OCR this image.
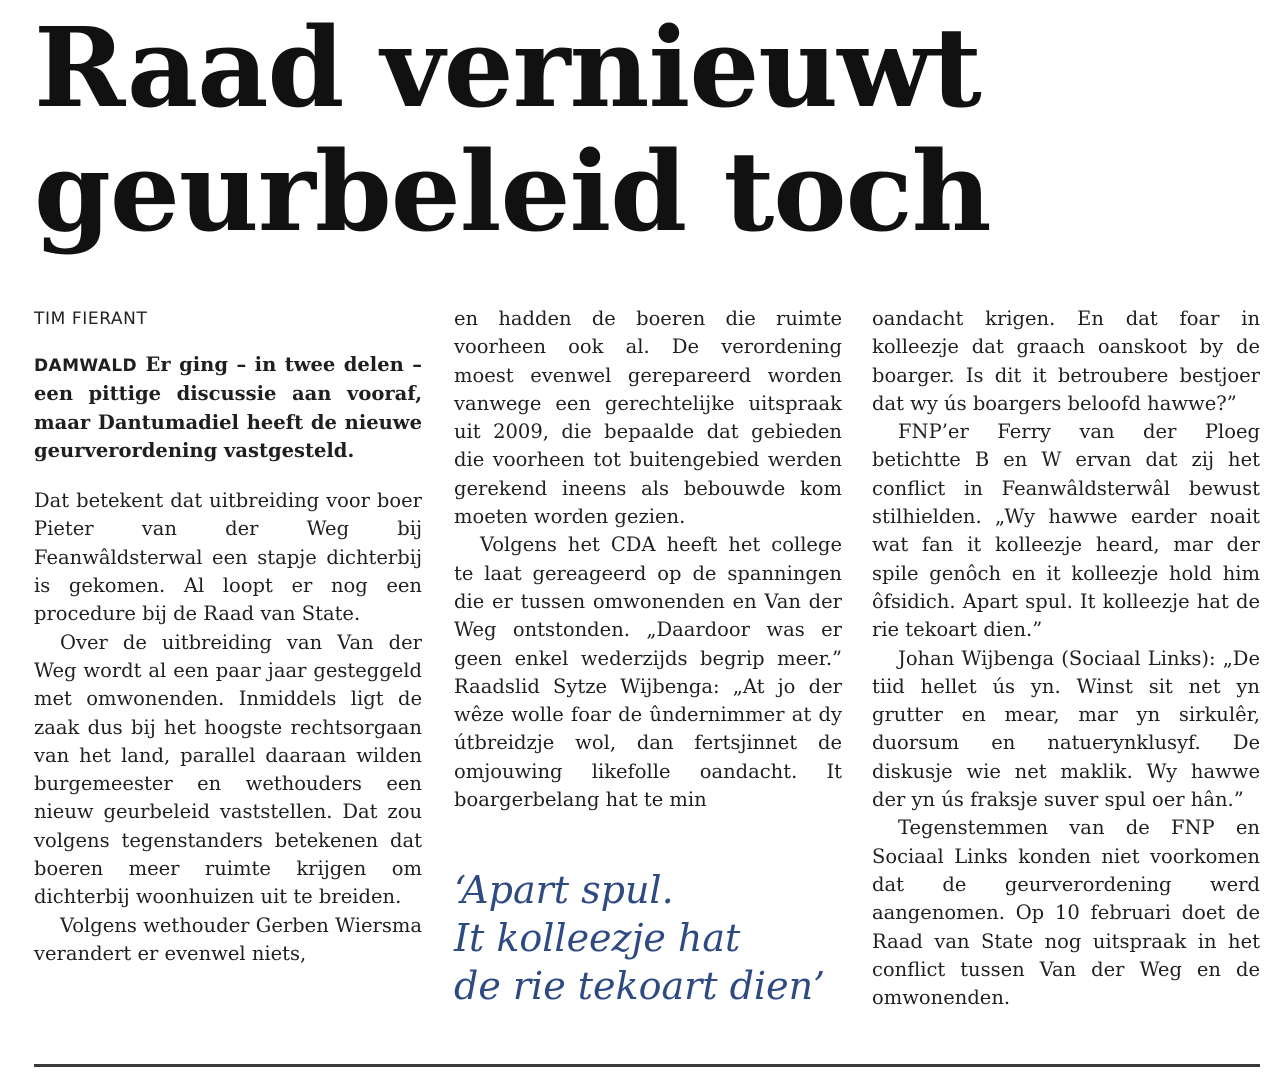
Raad vernieuwt
geurbeleid toch

TIM FIERANT

DAMWALD Er ging – in twee delen – een pittige discussie aan vooraf, maar Dantumadiel heeft de nieuwe geurverordening vastgesteld.

Dat betekent dat uitbreiding voor boer Pieter van der Weg bij Feanwâldsterwal een stapje dichterbij is gekomen. Al loopt er nog een procedure bij de Raad van State.

Over de uitbreiding van Van der Weg wordt al een paar jaar gesteggeld met omwonenden. Inmiddels ligt de zaak dus bij het hoogste rechtsorgaan van het land, parallel daaraan wilden burgemeester en wethouders een nieuw geurbeleid vaststellen. Dat zou volgens tegenstanders betekenen dat boeren meer ruimte krijgen om dichterbij woonhuizen uit te breiden.

Volgens wethouder Gerben Wiersma verandert er evenwel niets,

en hadden de boeren die ruimte voorheen ook al. De verordening moest evenwel gerepareerd worden vanwege een gerechtelijke uitspraak uit 2009, die bepaalde dat gebieden die voorheen tot buitengebied werden gerekend ineens als bebouwde kom moeten worden gezien.

Volgens het CDA heeft het college te laat gereageerd op de spanningen die er tussen omwonenden en Van der Weg ontstonden. „Daardoor was er geen enkel wederzijds begrip meer.” Raadslid Sytze Wijbenga: „At jo der wêze wolle foar de ûndernimmer at dy útbreidzje wol, dan fertsjinnet de omjouwing likefolle oandacht. It boargerbelang hat te min

‘Apart spul.
It kolleezje hat
de rie tekoart dien’

oandacht krigen. En dat foar in kolleezje dat graach oanskoot by de boarger. Is dit it betroubere bestjoer dat wy ús boargers beloofd hawwe?”

FNP’er Ferry van der Ploeg betichtte B en W ervan dat zij het conflict in Feanwâldsterwâl bewust stilhielden. „Wy hawwe earder noait wat fan it kolleezje heard, mar der spile genôch en it kolleezje hold him ôfsidich. Apart spul. It kolleezje hat de rie tekoart dien.”

Johan Wijbenga (Sociaal Links): „De tiid hellet ús yn. Winst sit net yn grutter en mear, mar yn sirkulêr, duorsum en natuerynklusyf. De diskusje wie net maklik. Wy hawwe der yn ús fraksje suver spul oer hân.”

Tegenstemmen van de FNP en Sociaal Links konden niet voorkomen dat de geurverordening werd aangenomen. Op 10 februari doet de Raad van State nog uitspraak in het conflict tussen Van der Weg en de omwonenden.
